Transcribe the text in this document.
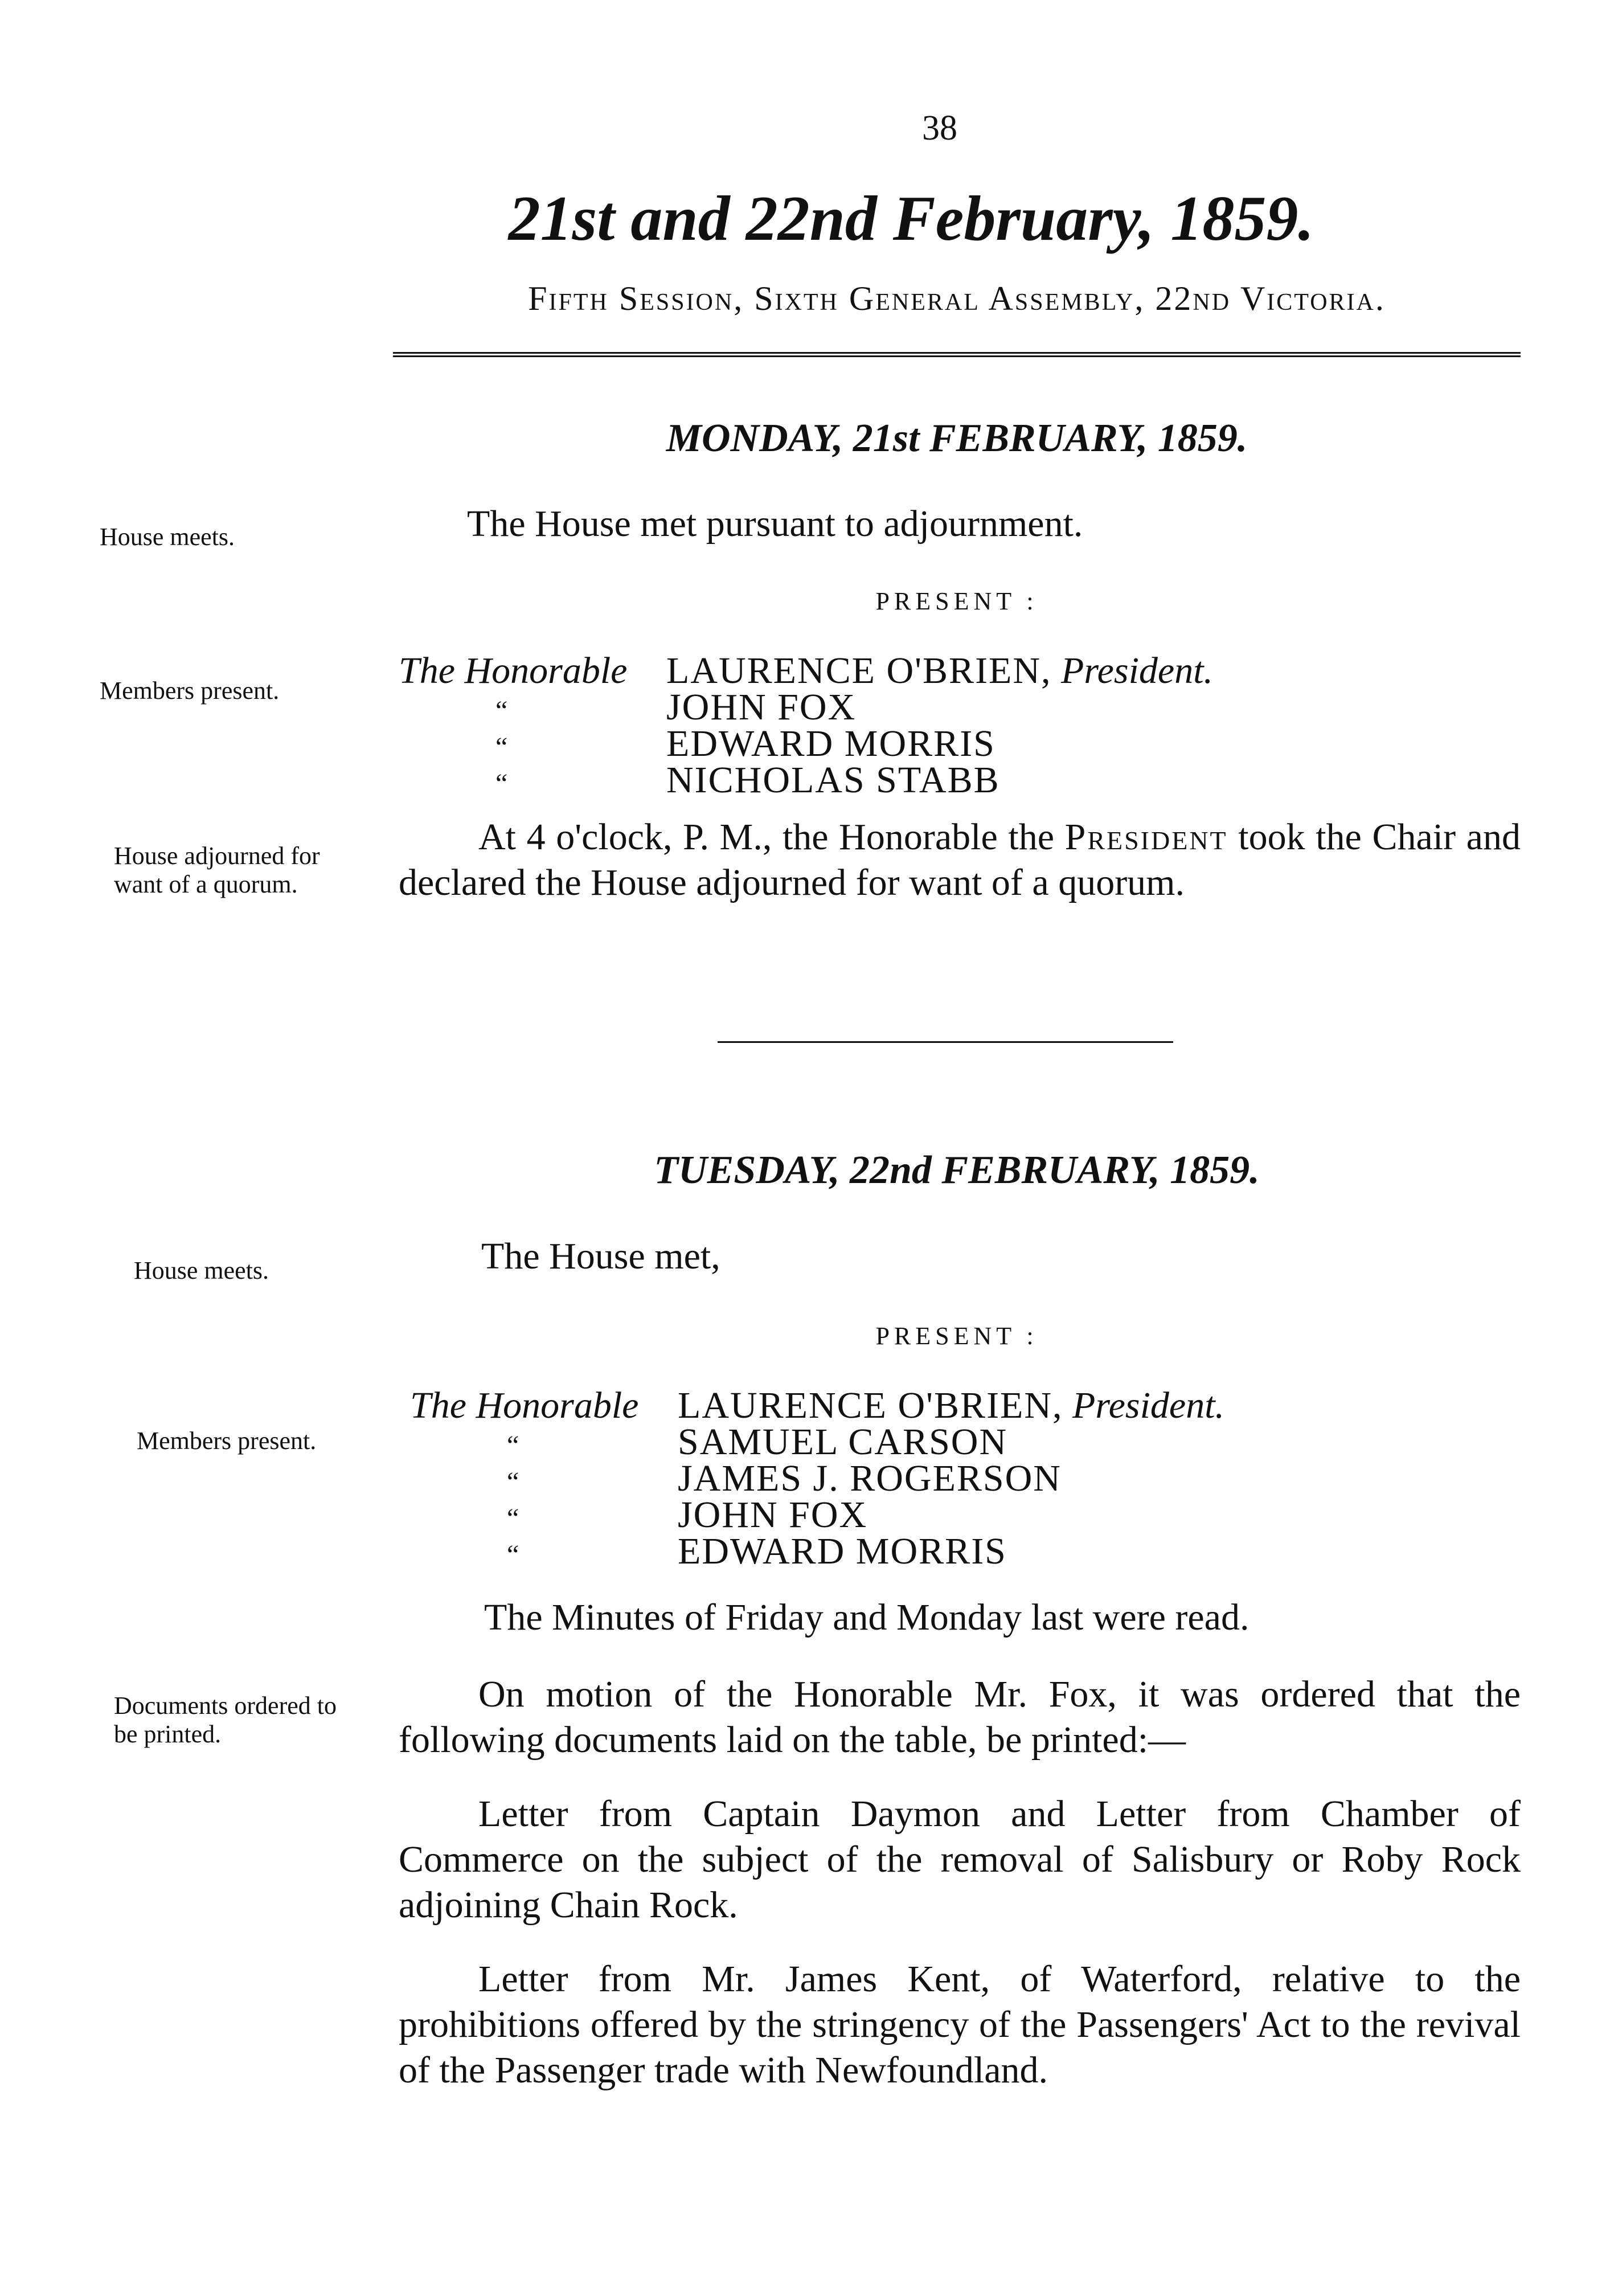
38
21st and 22nd February, 1859.
Fifth Session, Sixth General Assembly, 22nd Victoria.
MONDAY, 21st FEBRUARY, 1859.
House meets.	The House met pursuant to adjournment.
PRESENT :
Members present.	The Honorable LAURENCE O'BRIEN, President.
“	JOHN FOX
“	EDWARD MORRIS
“	NICHOLAS STABB
House adjourned for
want of a quorum.
At 4 o'clock, P. M., the Honorable the President took the Chair and declared the House adjourned for want of a quorum.
TUESDAY, 22nd FEBRUARY, 1859.
House meets.	The House met,
PRESENT :
Members present.
The Honorable LAURENCE O'BRIEN, President.
“	SAMUEL CARSON
“	JAMES J. ROGERSON
“	JOHN FOX
“	EDWARD MORRIS
The Minutes of Friday and Monday last were read.
Documents ordered to
be printed.
On motion of the Honorable Mr. Fox, it was ordered that the following documents laid on the table, be printed:—
Letter from Captain Daymon and Letter from Chamber of Commerce on the subject of the removal of Salisbury or Roby Rock adjoining Chain Rock.
Letter from Mr. James Kent, of Waterford, relative to the prohibitions offered by the stringency of the Passengers' Act to the revival of the Passenger trade with Newfoundland.
